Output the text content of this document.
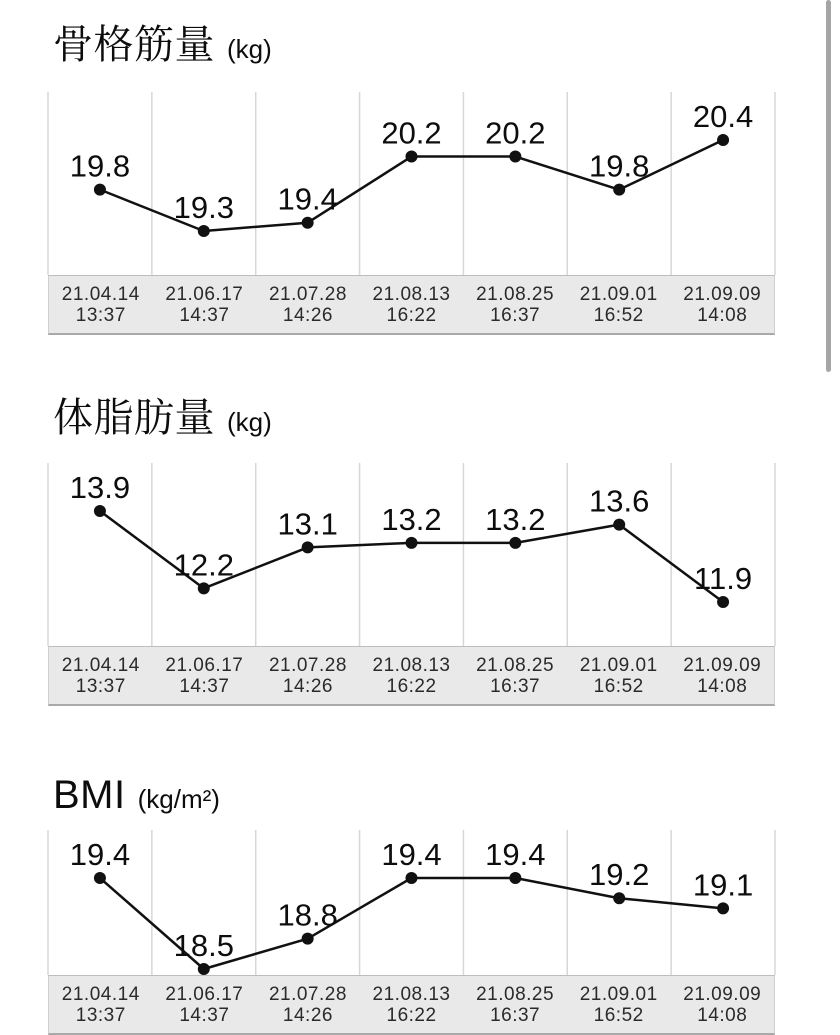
骨格筋量 (kg)
19.8
19.3 19.4
20.2 20.2
19.8
20.4
21.04.14
13:37
21.06.17
14:37
21.07.28
14:26
21.08.13
16:22
21.08.25
16:37
21.09.01
16:52
21.09.09
14:08
体脂肪量 (kg)
13.9
12.2
13.1 13.2 13.2
13.6
11.9
21.04.14
13:37
21.06.17
14:37
21.07.28
14:26
21.08.13
16:22
21.08.25
16:37
21.09.01
16:52
21.09.09
14:08
BMI (kg/m²)
19.4
18.5
18.8
19.4 19.4
19.2 19.1
21.04.14
13:37
21.06.17
14:37
21.07.28
14:26
21.08.13
16:22
21.08.25
16:37
21.09.01
16:52
21.09.09
14:08
